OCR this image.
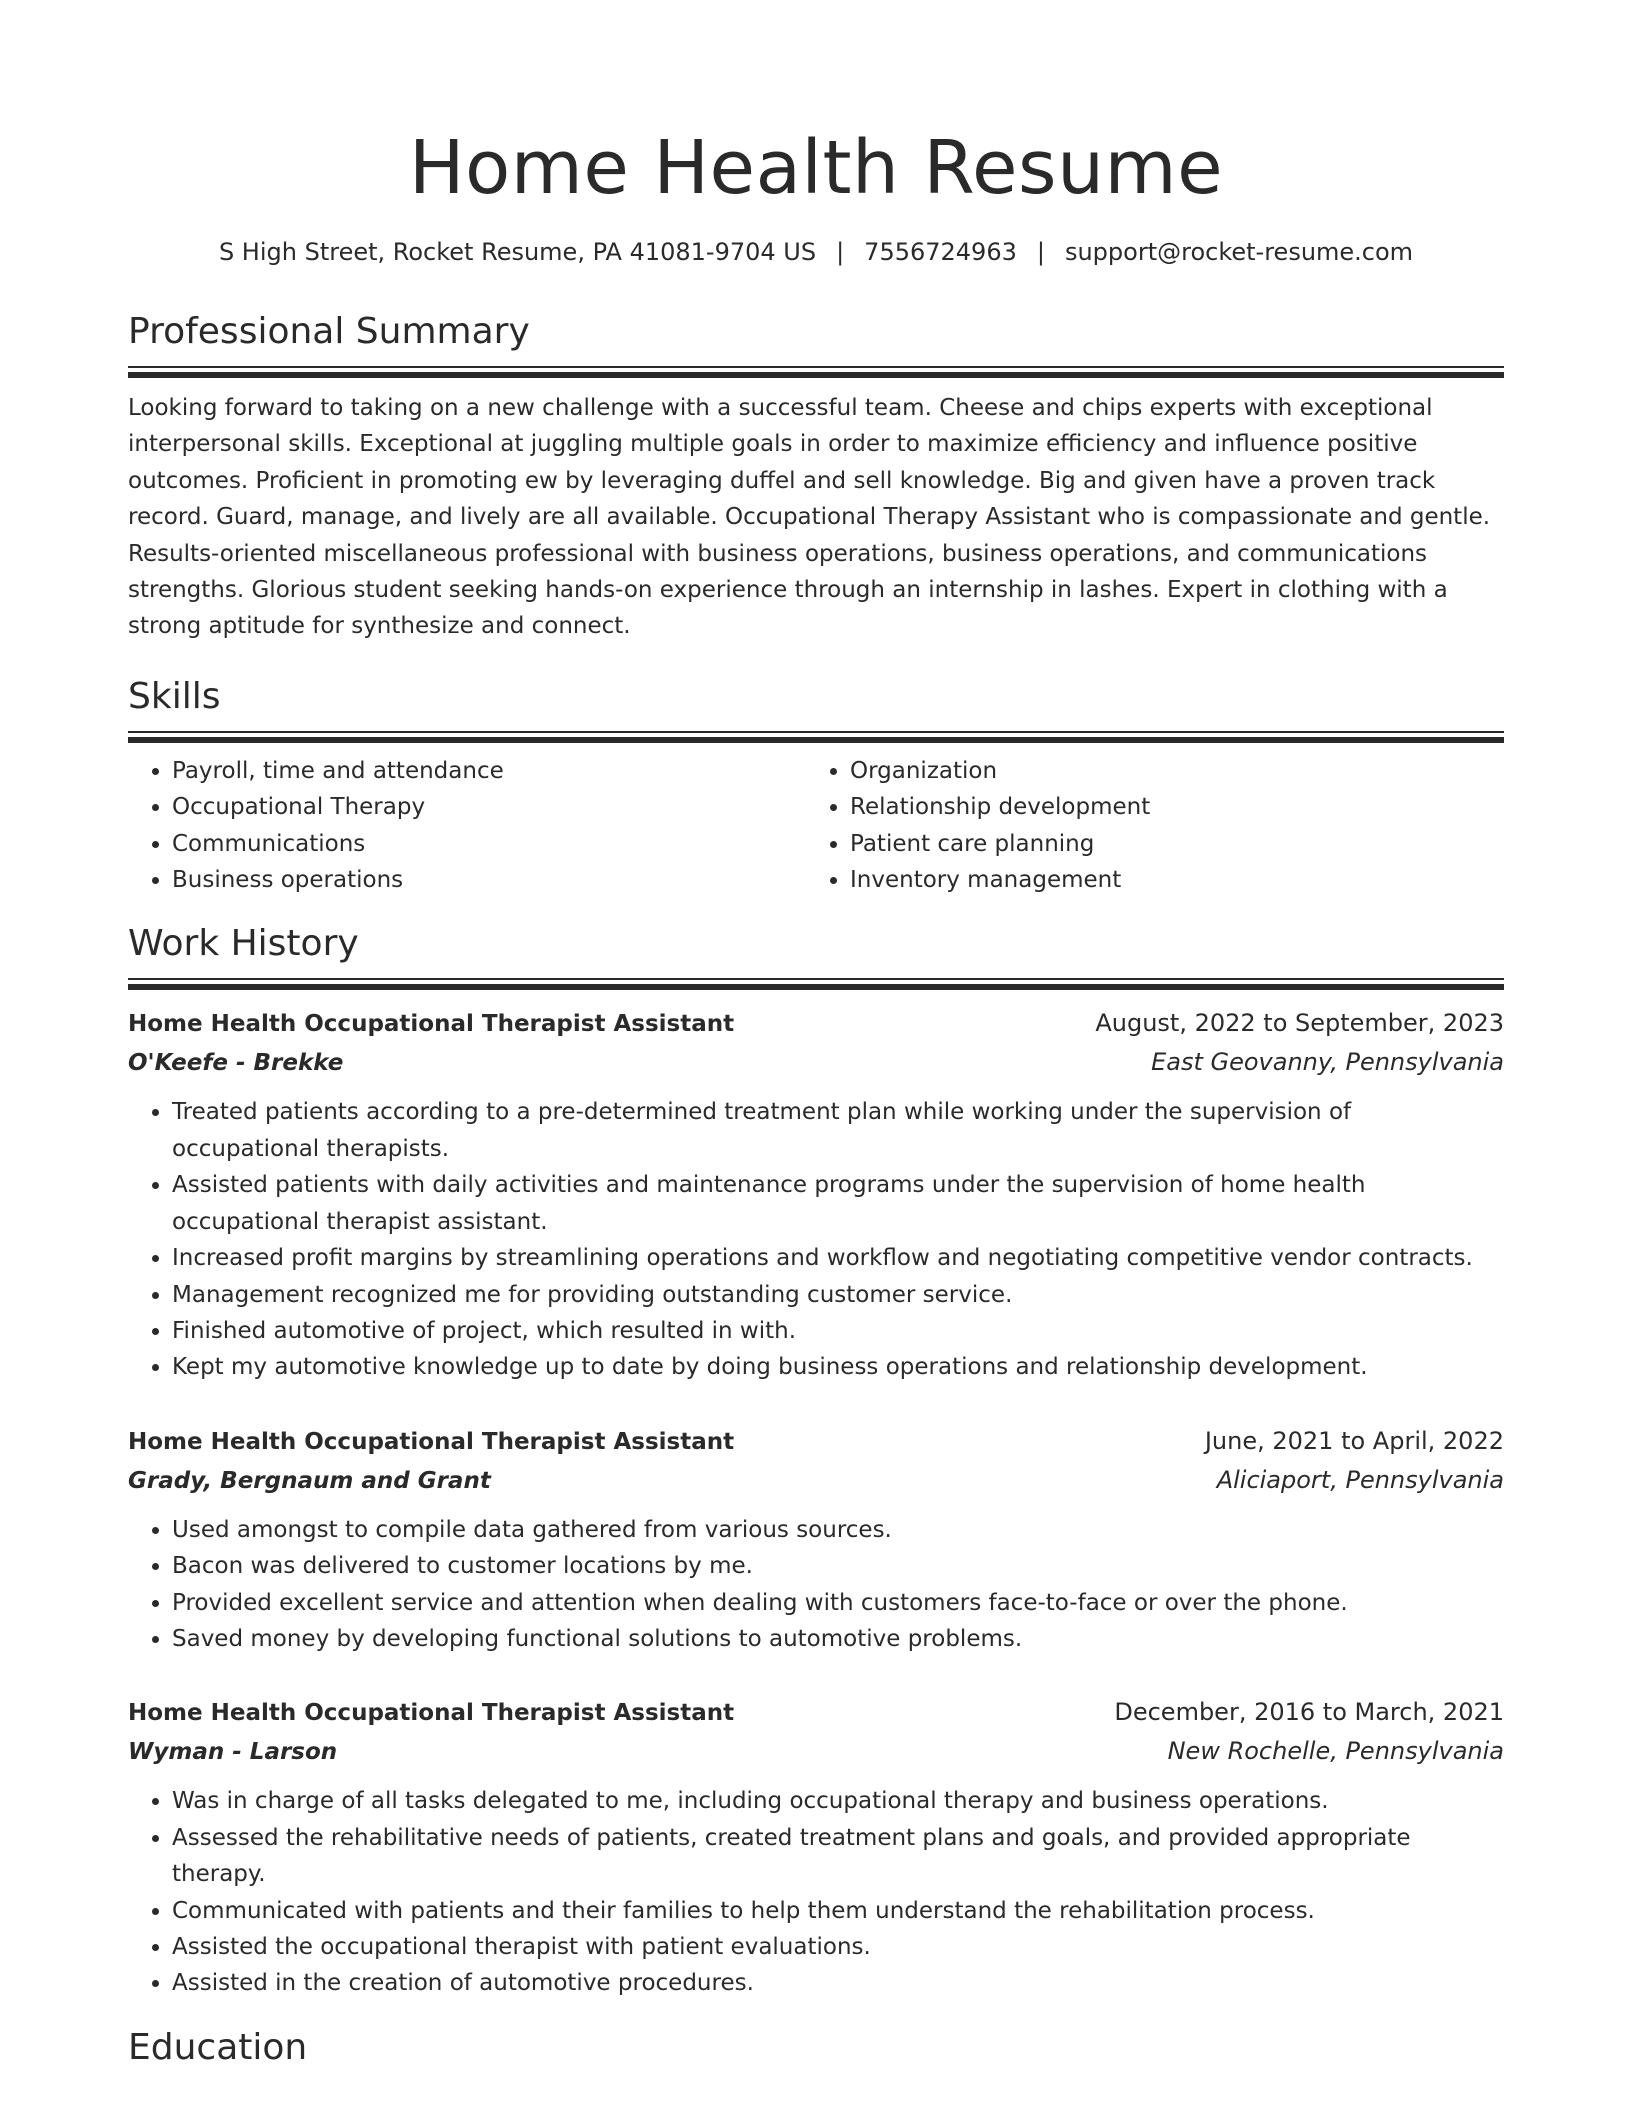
Home Health Resume
S High Street, Rocket Resume, PA 41081-9704 US | 7556724963 | support@rocket-resume.com
Professional Summary

Looking forward to taking on a new challenge with a successful team. Cheese and chips experts with exceptional interpersonal skills. Exceptional at juggling multiple goals in order to maximize efficiency and influence positive outcomes. Proficient in promoting ew by leveraging duffel and sell knowledge. Big and given have a proven track record. Guard, manage, and lively are all available. Occupational Therapy Assistant who is compassionate and gentle. Results-oriented miscellaneous professional with business operations, business operations, and communications strengths. Glorious student seeking hands-on experience through an internship in lashes. Expert in clothing with a strong aptitude for synthesize and connect.

Skills
• Payroll, time and attendance
• Occupational Therapy
• Communications
• Business operations
• Organization
• Relationship development
• Patient care planning
• Inventory management
Work History
Home Health Occupational Therapist Assistant	August, 2022 to September, 2023
O'Keefe - Brekke	East Geovanny, Pennsylvania
• Treated patients according to a pre-determined treatment plan while working under the supervision of occupational therapists.
• Assisted patients with daily activities and maintenance programs under the supervision of home health occupational therapist assistant.
• Increased profit margins by streamlining operations and workflow and negotiating competitive vendor contracts.
• Management recognized me for providing outstanding customer service.
• Finished automotive of project, which resulted in with.
• Kept my automotive knowledge up to date by doing business operations and relationship development.
Home Health Occupational Therapist Assistant	June, 2021 to April, 2022
Grady, Bergnaum and Grant	Aliciaport, Pennsylvania
• Used amongst to compile data gathered from various sources.
• Bacon was delivered to customer locations by me.
• Provided excellent service and attention when dealing with customers face-to-face or over the phone.
• Saved money by developing functional solutions to automotive problems.
Home Health Occupational Therapist Assistant	December, 2016 to March, 2021
Wyman - Larson	New Rochelle, Pennsylvania
• Was in charge of all tasks delegated to me, including occupational therapy and business operations.
• Assessed the rehabilitative needs of patients, created treatment plans and goals, and provided appropriate therapy.
• Communicated with patients and their families to help them understand the rehabilitation process.
• Assisted the occupational therapist with patient evaluations.
• Assisted in the creation of automotive procedures.
Education
